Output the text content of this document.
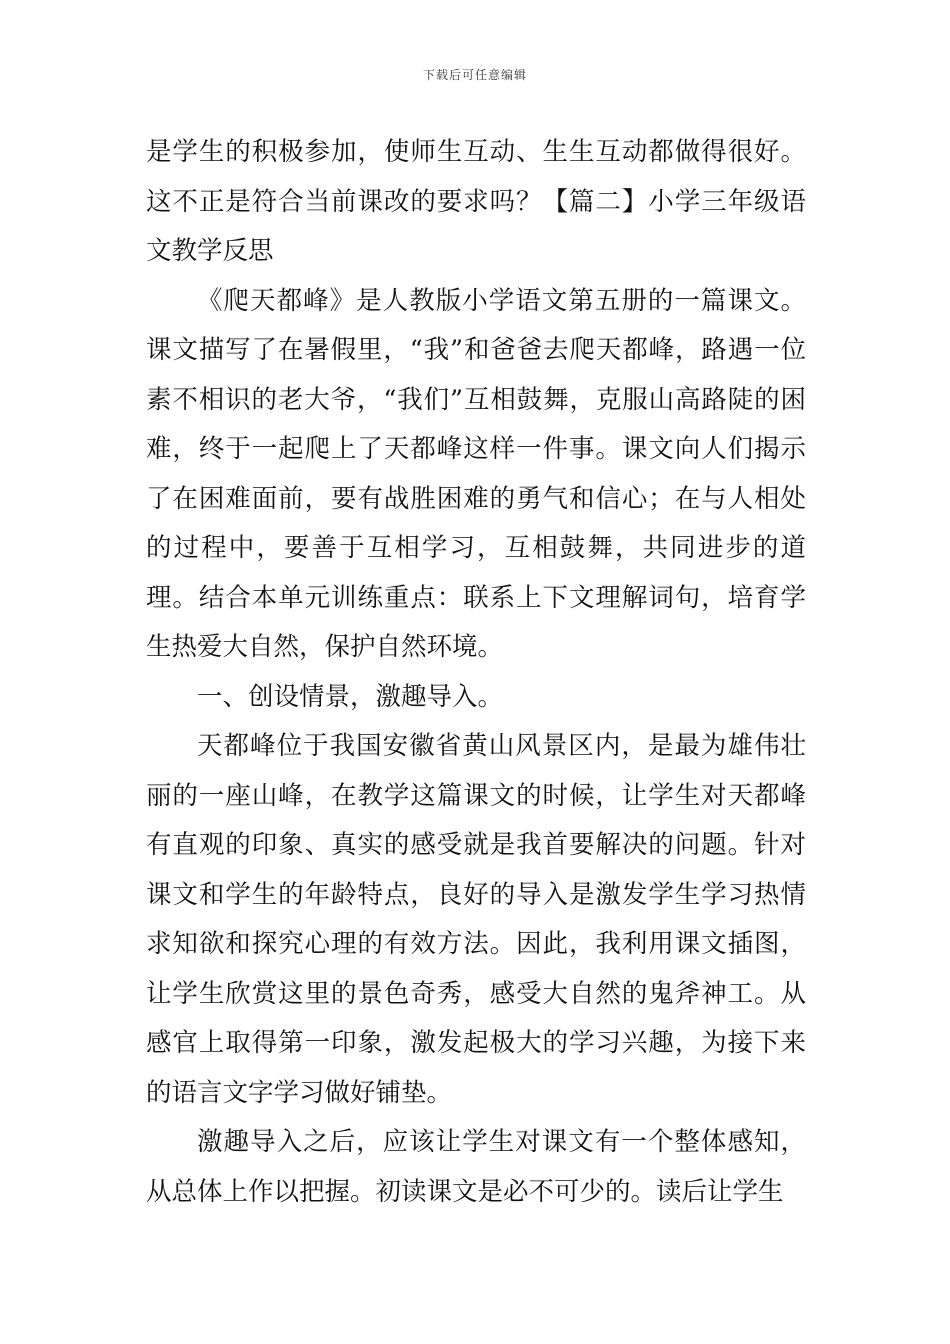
下载后可任意编辑

是学生的积极参加，使师生互动、生生互动都做得很好。这不正是符合当前课改的要求吗？【篇二】小学三年级语文教学反思

《爬天都峰》是人教版小学语文第五册的一篇课文。课文描写了在暑假里，“我”和爸爸去爬天都峰，路遇一位素不相识的老大爷，“我们”互相鼓舞，克服山高路陡的困难，终于一起爬上了天都峰这样一件事。课文向人们揭示了在困难面前，要有战胜困难的勇气和信心；在与人相处的过程中，要善于互相学习，互相鼓舞，共同进步的道理。结合本单元训练重点：联系上下文理解词句，培育学生热爱大自然，保护自然环境。

一、创设情景，激趣导入。

天都峰位于我国安徽省黄山风景区内，是最为雄伟壮丽的一座山峰，在教学这篇课文的时候，让学生对天都峰有直观的印象、真实的感受就是我首要解决的问题。针对课文和学生的年龄特点，良好的导入是激发学生学习热情求知欲和探究心理的有效方法。因此，我利用课文插图，让学生欣赏这里的景色奇秀，感受大自然的鬼斧神工。从感官上取得第一印象，激发起极大的学习兴趣，为接下来的语言文字学习做好铺垫。

激趣导入之后，应该让学生对课文有一个整体感知，从总体上作以把握。初读课文是必不可少的。读后让学生
